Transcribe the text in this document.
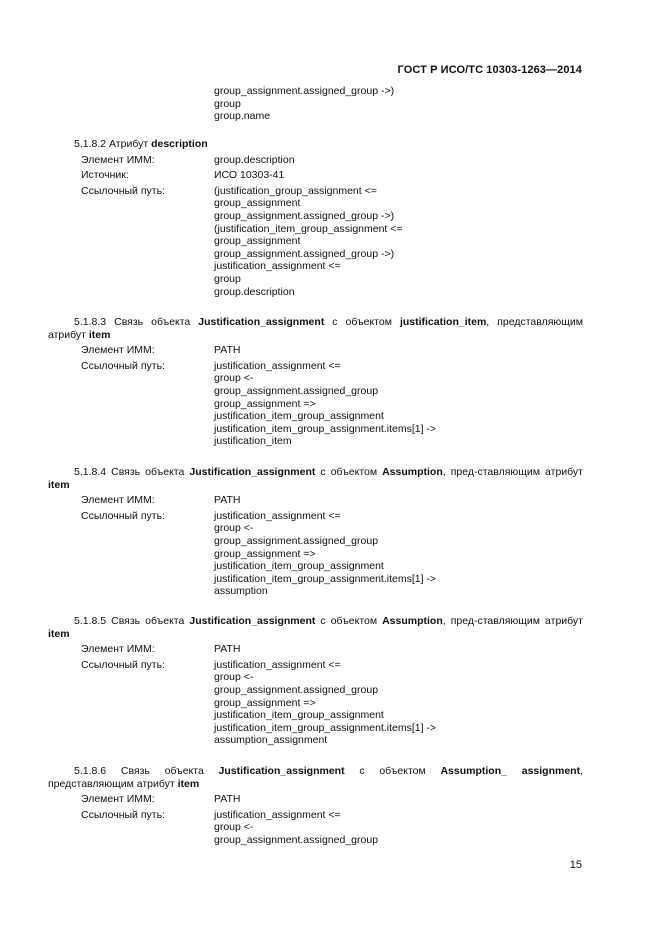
ГОСТ Р ИСО/ТС 10303-1263—2014
group_assignment.assigned_group ->)
group
group.name
5.1.8.2 Атрибут description
Элемент ИММ:	group.description
Источник:	ИСО 10303-41
Ссылочный путь:	(justification_group_assignment <=
group_assignment
group_assignment.assigned_group ->)
(justification_item_group_assignment <=
group_assignment
group_assignment.assigned_group ->)
justification_assignment <=
group
group.description
5.1.8.3 Связь объекта Justification_assignment с объектом justification_item, представляющим атрибут item
Элемент ИММ:	PATH
Ссылочный путь:	justification_assignment <=
group <-
group_assignment.assigned_group
group_assignment =>
justification_item_group_assignment
justification_item_group_assignment.items[1] ->
justification_item
5.1.8.4 Связь объекта Justification_assignment с объектом Assumption, пред-ставляющим атрибут item
Элемент ИММ:	PATH
Ссылочный путь:	justification_assignment <=
group <-
group_assignment.assigned_group
group_assignment =>
justification_item_group_assignment
justification_item_group_assignment.items[1] ->
assumption
5.1.8.5 Связь объекта Justification_assignment с объектом Assumption, пред-ставляющим атрибут item
Элемент ИММ:	PATH
Ссылочный путь:	justification_assignment <=
group <-
group_assignment.assigned_group
group_assignment =>
justification_item_group_assignment
justification_item_group_assignment.items[1] ->
assumption_assignment
5.1.8.6 Связь объекта Justification_assignment с объектом Assumption_ assignment, представляющим атрибут item
Элемент ИММ:	PATH
Ссылочный путь:	justification_assignment <=
group <-
group_assignment.assigned_group
15
